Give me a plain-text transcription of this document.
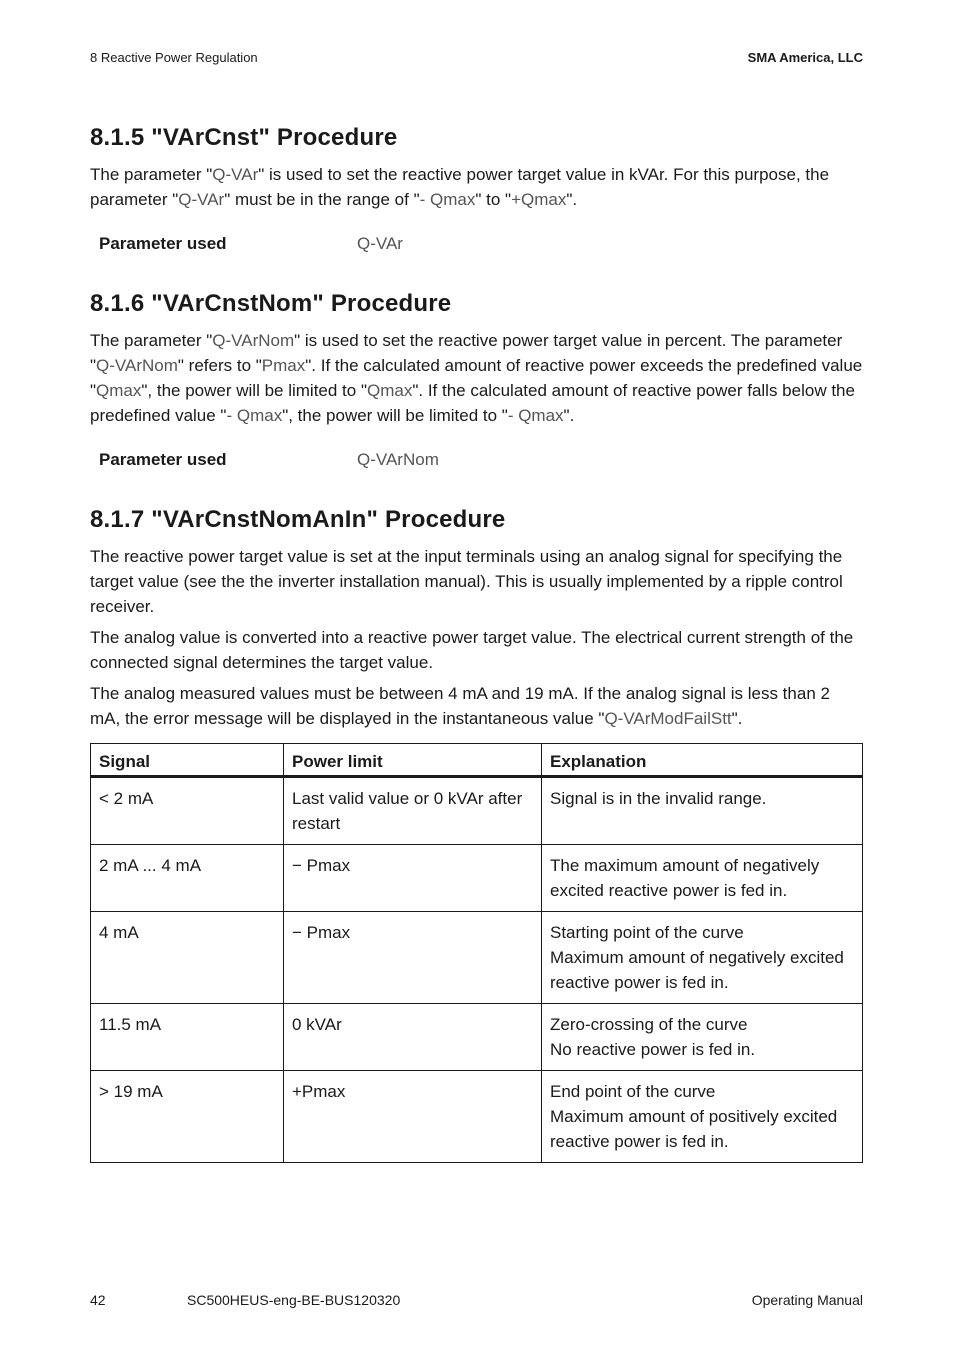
8 Reactive Power Regulation	SMA America, LLC
8.1.5 "VArCnst" Procedure

The parameter "Q-VAr" is used to set the reactive power target value in kVAr. For this purpose, the parameter "Q-VAr" must be in the range of "- Qmax" to "+Qmax".

Parameter used	Q-VAr
8.1.6 "VArCnstNom" Procedure

The parameter "Q-VArNom" is used to set the reactive power target value in percent. The parameter "Q-VArNom" refers to "Pmax". If the calculated amount of reactive power exceeds the predefined value "Qmax", the power will be limited to "Qmax". If the calculated amount of reactive power falls below the predefined value "- Qmax", the power will be limited to "- Qmax".

Parameter used	Q-VArNom
8.1.7 "VArCnstNomAnIn" Procedure

The reactive power target value is set at the input terminals using an analog signal for specifying the target value (see the the inverter installation manual). This is usually implemented by a ripple control receiver.

The analog value is converted into a reactive power target value. The electrical current strength of the connected signal determines the target value.

The analog measured values must be between 4 mA and 19 mA. If the analog signal is less than 2 mA, the error message will be displayed in the instantaneous value "Q-VArModFailStt".

Signal	Power limit	Explanation
< 2 mA	Last valid value or 0 kVAr after restart	Signal is in the invalid range.

2 mA ... 4 mA	− Pmax	The maximum amount of negatively excited reactive power is fed in.

4 mA	− Pmax	Starting point of the curve
Maximum amount of negatively excited reactive power is fed in.

11.5 mA	0 kVAr	Zero-crossing of the curve
No reactive power is fed in.

> 19 mA	+Pmax	End point of the curve
Maximum amount of positively excited reactive power is fed in.
42	SC500HEUS-eng-BE-BUS120320	Operating Manual
